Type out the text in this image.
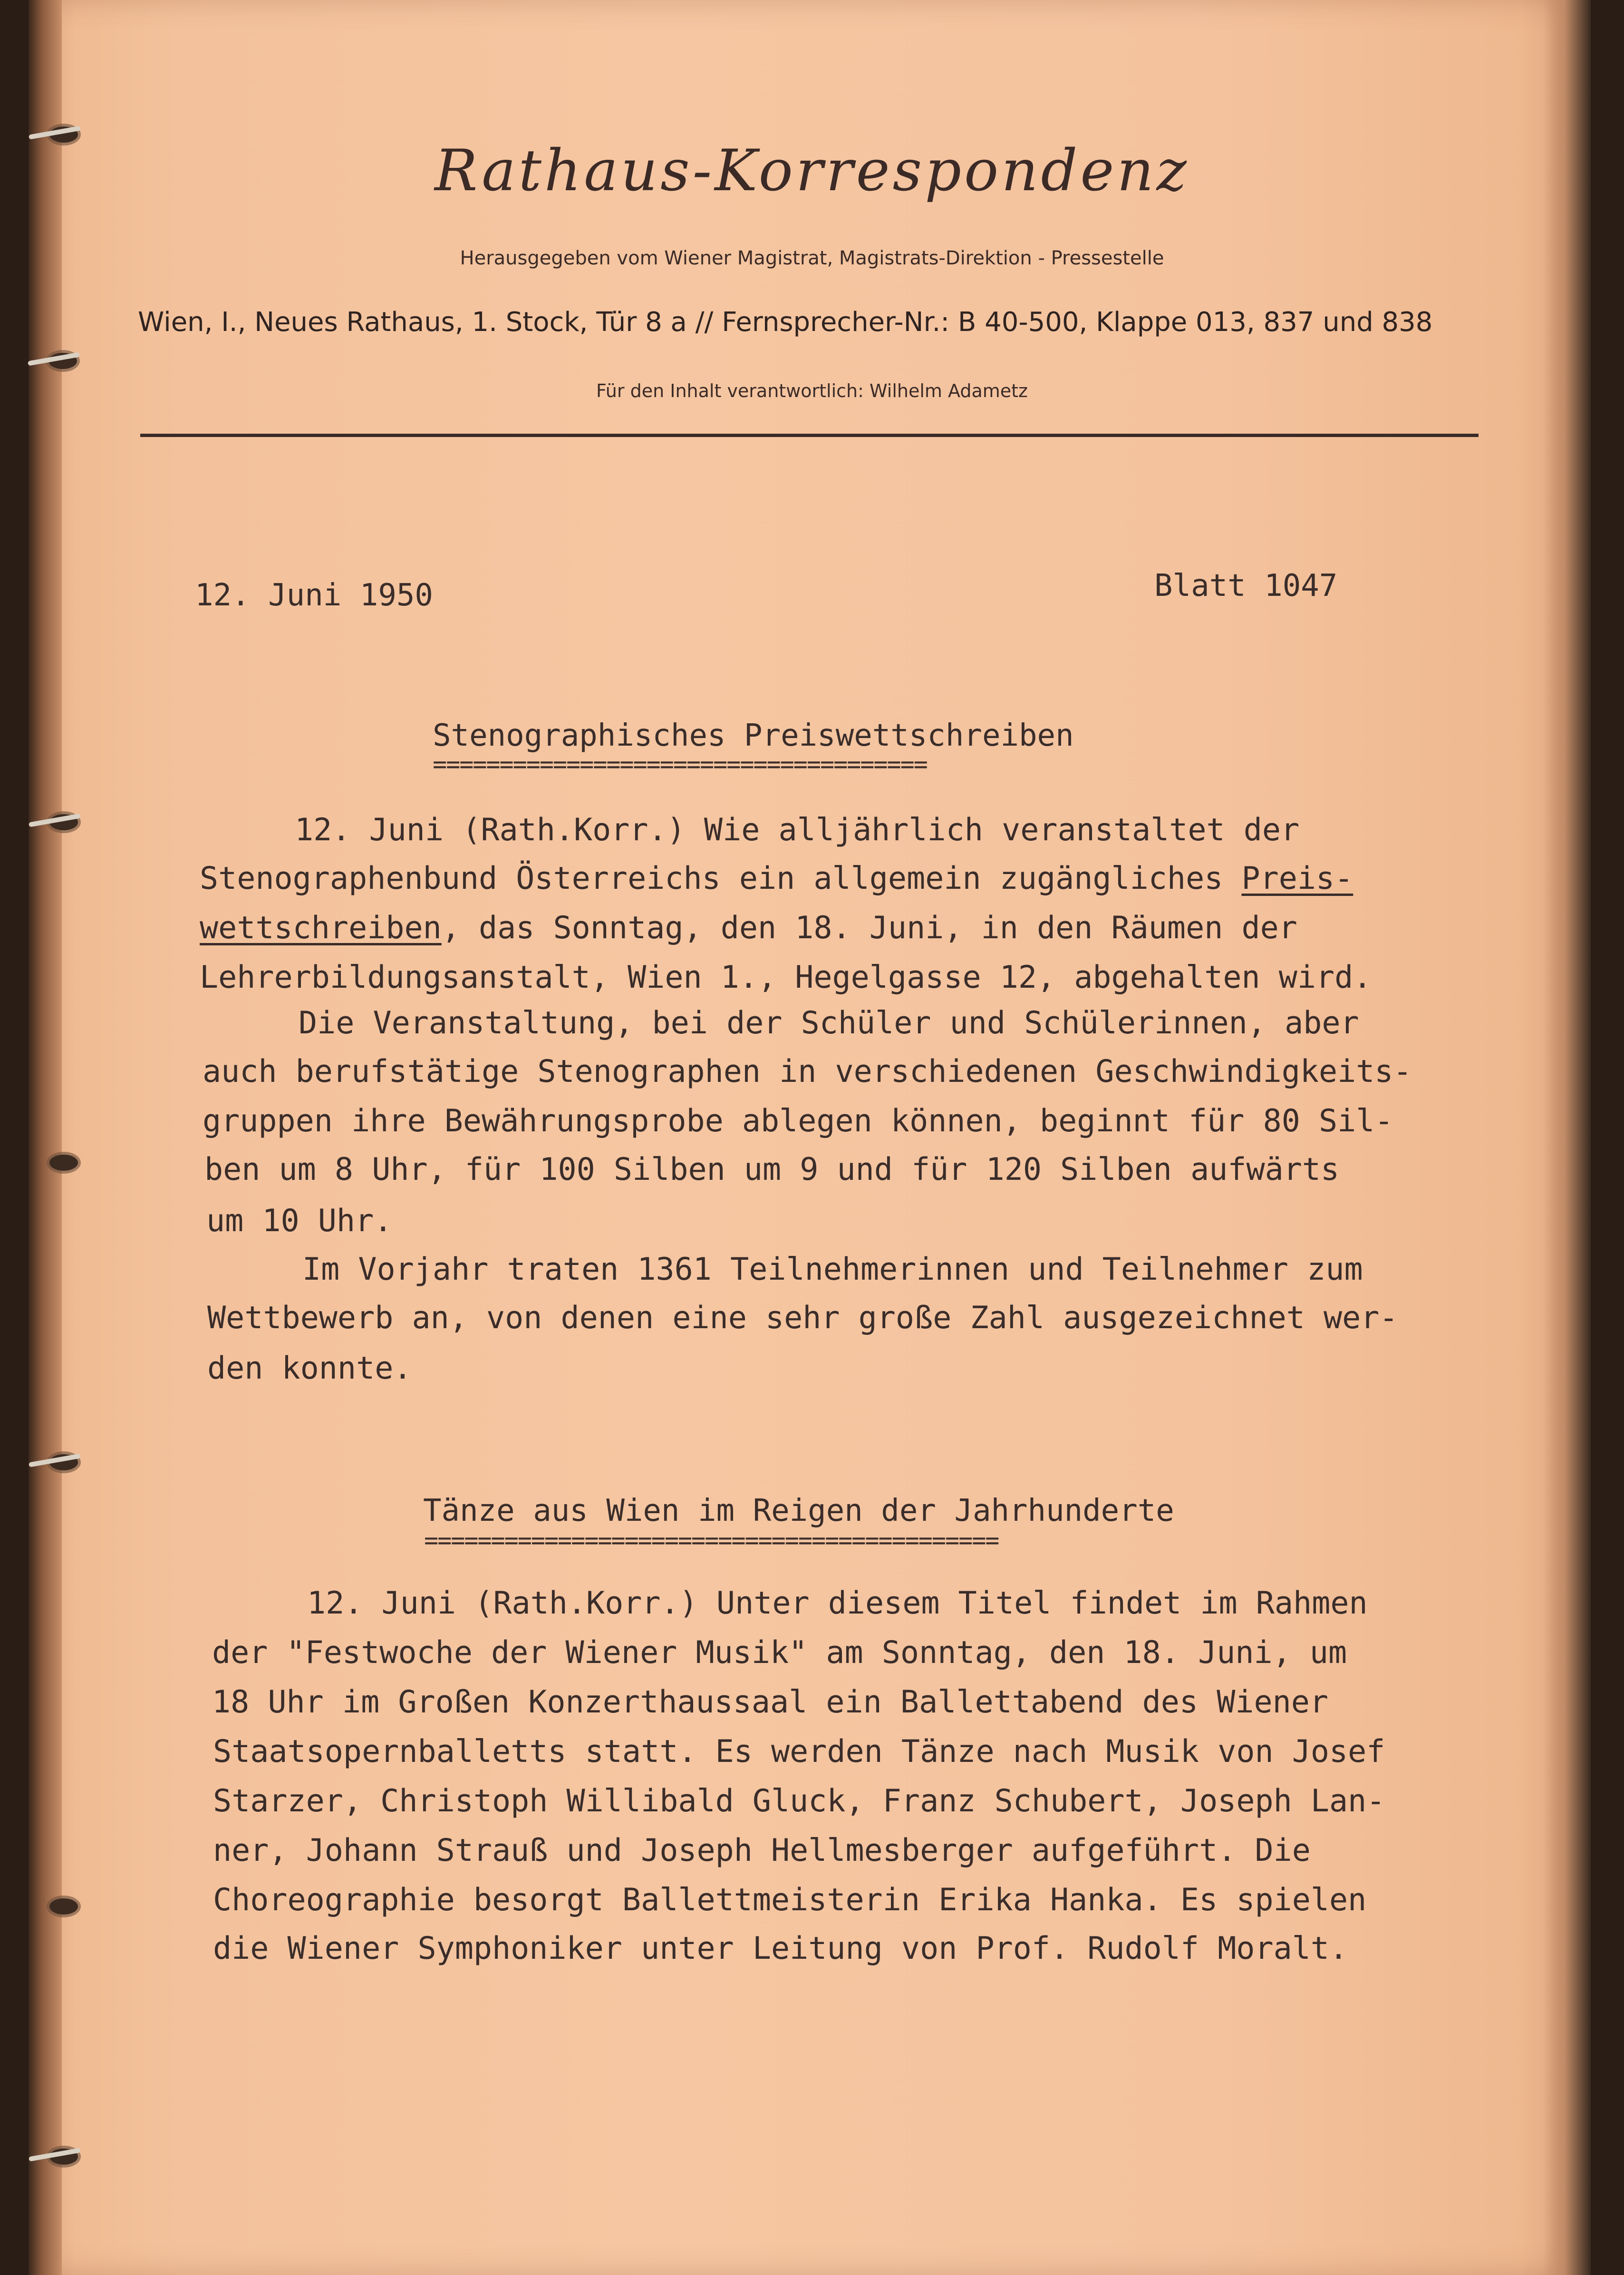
Rathaus-Korrespondenz
Herausgegeben vom Wiener Magistrat, Magistrats-Direktion - Pressestelle
Wien, I., Neues Rathaus, 1. Stock, Tür 8 a // Fernsprecher-Nr.: B 40-500, Klappe 013, 837 und 838
Für den Inhalt verantwortlich: Wilhelm Adametz
12. Juni 1950	Blatt 1047
Stenographisches Preiswettschreiben
=====================================
12. Juni (Rath.Korr.) Wie alljährlich veranstaltet der
Stenographenbund Österreichs ein allgemein zugängliches Preis-
wettschreiben, das Sonntag, den 18. Juni, in den Räumen der
Lehrerbildungsanstalt, Wien 1., Hegelgasse 12, abgehalten wird.
Die Veranstaltung, bei der Schüler und Schülerinnen, aber
auch berufstätige Stenographen in verschiedenen Geschwindigkeits-
gruppen ihre Bewährungsprobe ablegen können, beginnt für 80 Sil-
ben um 8 Uhr, für 100 Silben um 9 und für 120 Silben aufwärts
um 10 Uhr.
Im Vorjahr traten 1361 Teilnehmerinnen und Teilnehmer zum
Wettbewerb an, von denen eine sehr große Zahl ausgezeichnet wer-
den konnte.
Tänze aus Wien im Reigen der Jahrhunderte
===========================================
12. Juni (Rath.Korr.) Unter diesem Titel findet im Rahmen
der "Festwoche der Wiener Musik" am Sonntag, den 18. Juni, um
18 Uhr im Großen Konzerthaussaal ein Ballettabend des Wiener
Staatsopernballetts statt. Es werden Tänze nach Musik von Josef
Starzer, Christoph Willibald Gluck, Franz Schubert, Joseph Lan-
ner, Johann Strauß und Joseph Hellmesberger aufgeführt. Die
Choreographie besorgt Ballettmeisterin Erika Hanka. Es spielen
die Wiener Symphoniker unter Leitung von Prof. Rudolf Moralt.
